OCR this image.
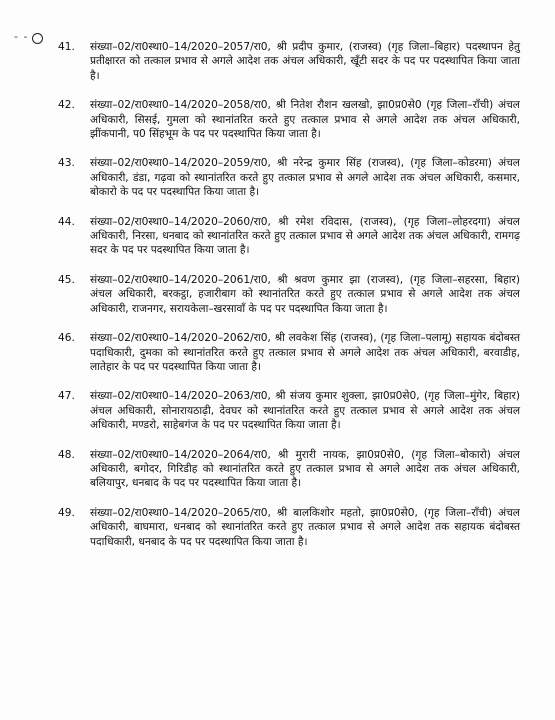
- -
41.	संख्या–02/रा0स्था0–14/2020–2057/रा0, श्री प्रदीप कुमार, (राजस्व) (गृह जिला–बिहार) पदस्थापन हेतु प्रतीक्षारत को तत्काल प्रभाव से अगले आदेश तक अंचल अधिकारी, खूँटी सदर के पद पर पदस्थापित किया जाता है।
42.	संख्या–02/रा0स्था0–14/2020–2058/रा0, श्री नितेश रौशन खलखो, झा0प्र0से0 (गृह जिला–राँची) अंचल अधिकारी, सिसई, गुमला को स्थानांतरित करते हुए तत्काल प्रभाव से अगले आदेश तक अंचल अधिकारी, झींकपानी, प0 सिंहभूम के पद पर पदस्थापित किया जाता है।
43.	संख्या–02/रा0स्था0–14/2020–2059/रा0, श्री नरेन्द्र कुमार सिंह (राजस्व), (गृह जिला–कोडरमा) अंचल अधिकारी, डंडा, गढ़वा को स्थानांतरित करते हुए तत्काल प्रभाव से अगले आदेश तक अंचल अधिकारी, कसमार, बोकारो के पद पर पदस्थापित किया जाता है।
44.	संख्या–02/रा0स्था0–14/2020–2060/रा0, श्री रमेश रविदास, (राजस्व), (गृह जिला–लोहरदगा) अंचल अधिकारी, निरसा, धनबाद को स्थानांतरित करते हुए तत्काल प्रभाव से अगले आदेश तक अंचल अधिकारी, रामगढ़ सदर के पद पर पदस्थापित किया जाता है।
45.	संख्या–02/रा0स्था0–14/2020–2061/रा0, श्री श्रवण कुमार झा (राजस्व), (गृह जिला–सहरसा, बिहार) अंचल अधिकारी, बरकट्ठा, हजारीबाग को स्थानांतरित करते हुए तत्काल प्रभाव से अगले आदेश तक अंचल अधिकारी, राजनगर, सरायकेला–खरसावाँ के पद पर पदस्थापित किया जाता है।
46.	संख्या–02/रा0स्था0–14/2020–2062/रा0, श्री लवकेश सिंह (राजस्व), (गृह जिला–पलामू) सहायक बंदोबस्त पदाधिकारी, दुमका को स्थानांतरित करते हुए तत्काल प्रभाव से अगले आदेश तक अंचल अधिकारी, बरवाडीह, लातेहार के पद पर पदस्थापित किया जाता है।
47.	संख्या–02/रा0स्था0–14/2020–2063/रा0, श्री संजय कुमार शुक्ला, झा0प्र0से0, (गृह जिला–मुंगेर, बिहार) अंचल अधिकारी, सोनारायठाढ़ी, देवघर को स्थानांतरित करते हुए तत्काल प्रभाव से अगले आदेश तक अंचल अधिकारी, मण्डरो, साहेबगंज के पद पर पदस्थापित किया जाता है।
48.	संख्या–02/रा0स्था0–14/2020–2064/रा0, श्री मुरारी नायक, झा0प्र0से0, (गृह जिला–बोकारो) अंचल अधिकारी, बगोदर, गिरिडीह को स्थानांतरित करते हुए तत्काल प्रभाव से अगले आदेश तक अंचल अधिकारी, बलियापुर, धनबाद के पद पर पदस्थापित किया जाता है।
49.	संख्या–02/रा0स्था0–14/2020–2065/रा0, श्री बालकिशोर महतो, झा0प्र0से0, (गृह जिला–राँची) अंचल अधिकारी, बाघमारा, धनबाद को स्थानांतरित करते हुए तत्काल प्रभाव से अगले आदेश तक सहायक बंदोबस्त पदाधिकारी, धनबाद के पद पर पदस्थापित किया जाता है।
